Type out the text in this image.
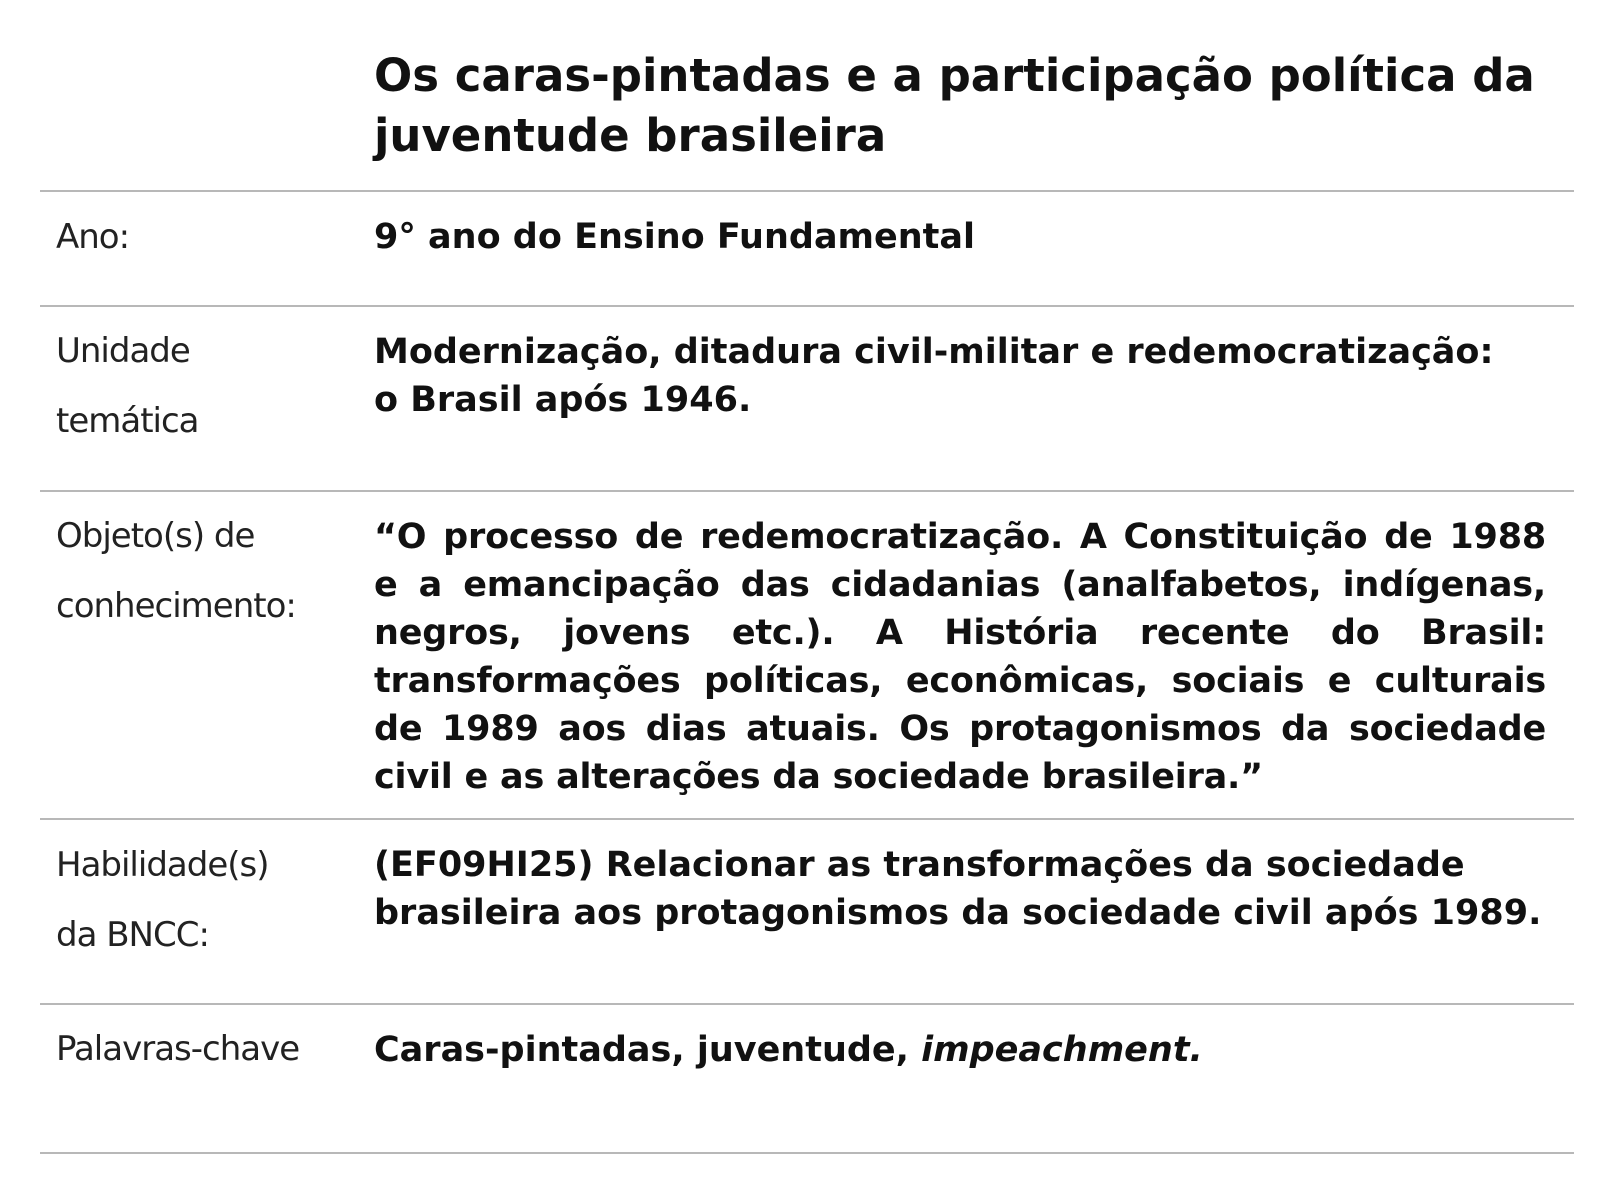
Os caras-pintadas e a participação política da juventude brasileira
Ano:	9° ano do Ensino Fundamental
Unidade
temática
Modernização, ditadura civil-militar e redemocratização:
o Brasil após 1946.
Objeto(s) de
conhecimento:
“O processo de redemocratização. A Constituição de 1988 e a emancipação das cidadanias (analfabetos, indígenas, negros, jovens etc.). A História recente do Brasil: transformações políticas, econômicas, sociais e culturais de 1989 aos dias atuais. Os protagonismos da sociedade civil e as alterações da sociedade brasileira.”
Habilidade(s)
da BNCC:
(EF09HI25) Relacionar as transformações da sociedade
brasileira aos protagonismos da sociedade civil após 1989.
Palavras-chave	Caras-pintadas, juventude, impeachment.
